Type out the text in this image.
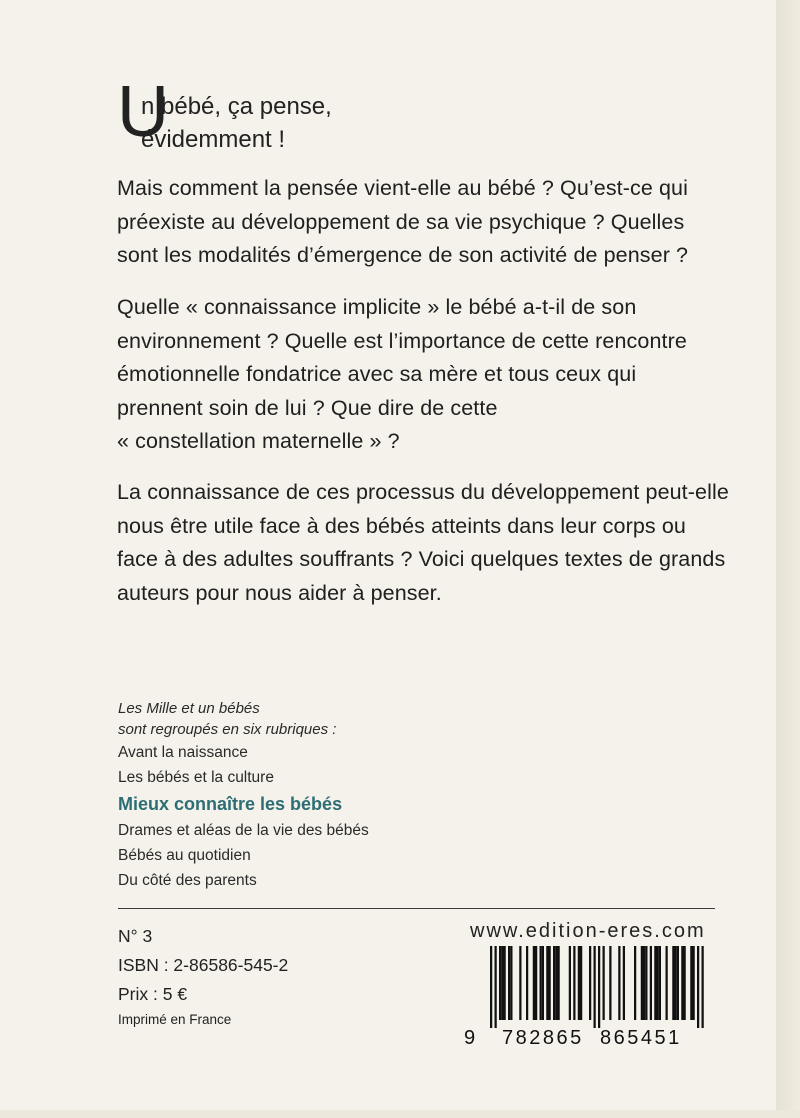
U
n bébé, ça pense,
évidemment !
Mais comment la pensée vient-elle au bébé ? Qu’est-ce qui
préexiste au développement de sa vie psychique ? Quelles
sont les modalités d’émergence de son activité de penser ?
Quelle « connaissance implicite » le bébé a-t-il de son
environnement ? Quelle est l’importance de cette rencontre
émotionnelle fondatrice avec sa mère et tous ceux qui
prennent soin de lui ? Que dire de cette
« constellation maternelle » ?
La connaissance de ces processus du développement peut-elle
nous être utile face à des bébés atteints dans leur corps ou
face à des adultes souffrants ? Voici quelques textes de grands
auteurs pour nous aider à penser.
Les Mille et un bébés
sont regroupés en six rubriques :
Avant la naissance
Les bébés et la culture
Mieux connaître les bébés
Drames et aléas de la vie des bébés
Bébés au quotidien
Du côté des parents
N° 3
ISBN : 2-86586-545-2
Prix : 5 €
Imprimé en France
www.edition-eres.com
9 782865 865451
